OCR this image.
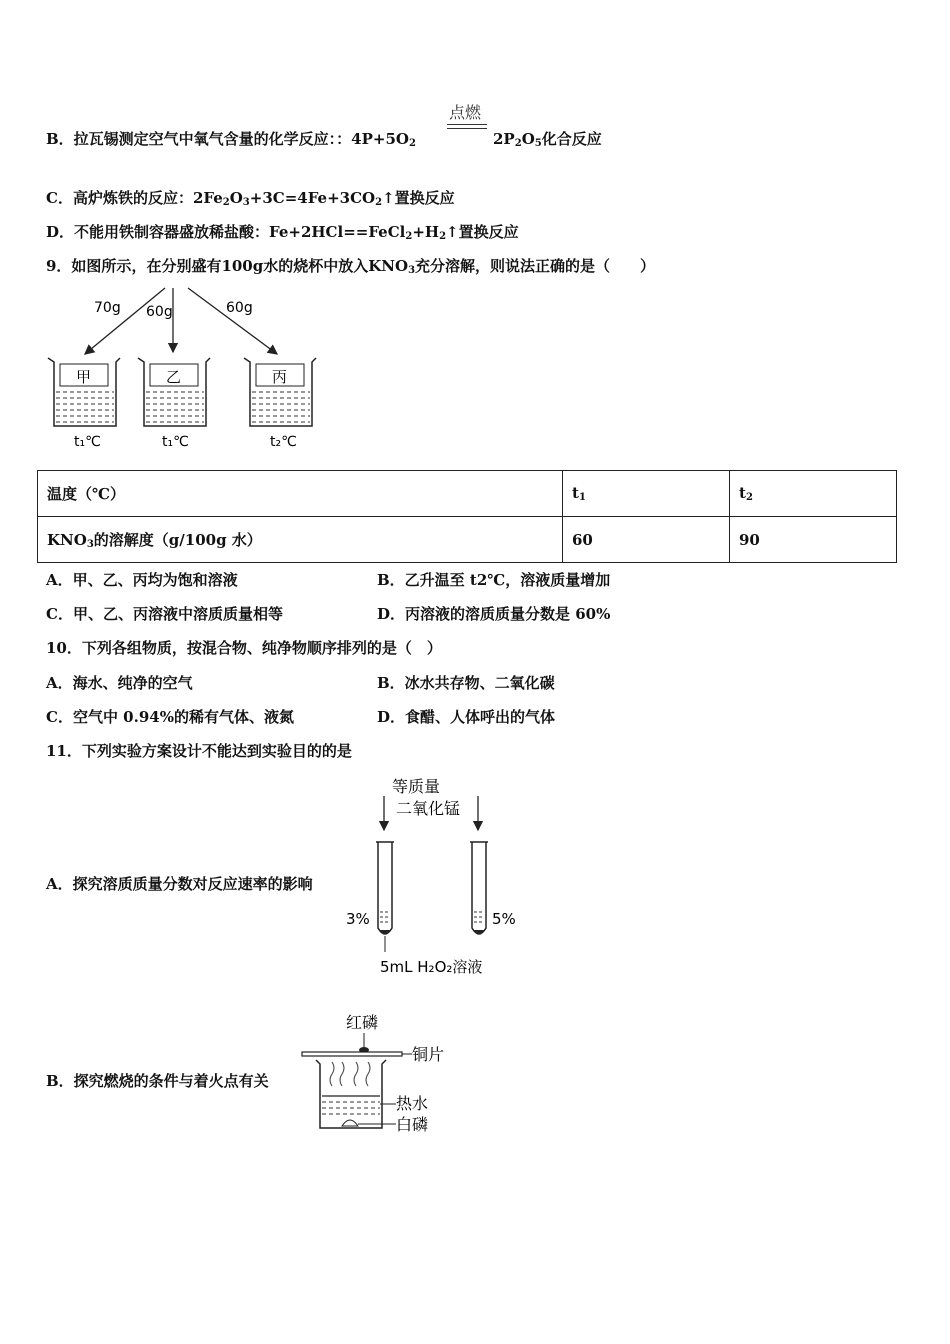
点燃
B．拉瓦锡测定空气中氧气含量的化学反应：：$4P+5O_2$	$2P_2O_5$化合反应
C．高炉炼铁的反应：$2Fe_2O_3+3C=4Fe+3CO_2↑$置换反应
D．不能用铁制容器盛放稀盐酸：$Fe+2HCl==FeCl_2+H_2↑$置换反应
9．如图所示，在分别盛有100g水的烧杯中放入$KNO_3$充分溶解，则说法正确的是（　　）
70g 60g	60g
甲
t₁℃
乙
t₁℃
丙
t₂℃
温度（℃）	$t_1$	$t_2$
$KNO_3$的溶解度（g/100g 水）	60	90
A．甲、乙、丙均为饱和溶液	B．乙升温至 t2℃，溶液质量增加
C．甲、乙、丙溶液中溶质质量相等	D．丙溶液的溶质质量分数是 60%
10．下列各组物质，按混合物、纯净物顺序排列的是（　）
A．海水、纯净的空气	B．冰水共存物、二氧化碳
C．空气中 0.94%的稀有气体、液氮	D．食醋、人体呼出的气体
11．下列实验方案设计不能达到实验目的的是
A．探究溶质质量分数对反应速率的影响
等质量
二氧化锰
3%	5%
5mL H₂O₂溶液
B．探究燃烧的条件与着火点有关
红磷
铜片
热水
白磷
